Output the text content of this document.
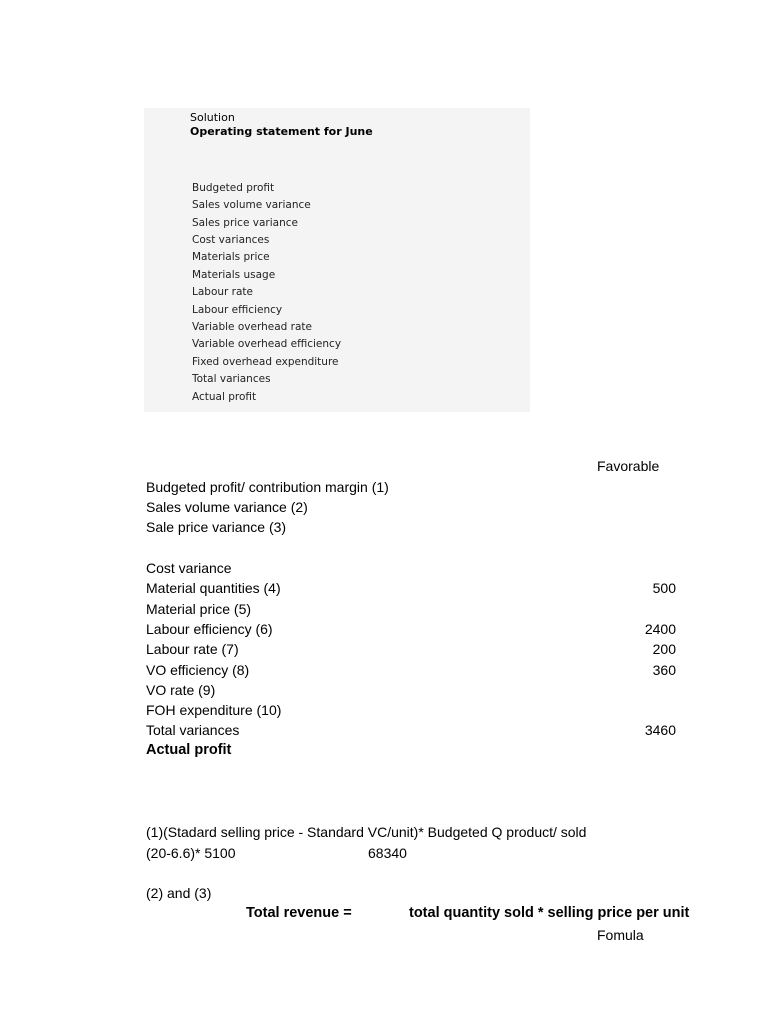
Solution
Operating statement for June
Budgeted profit
Sales volume variance
Sales price variance
Cost variances
Materials price
Materials usage
Labour rate
Labour efficiency
Variable overhead rate
Variable overhead efficiency
Fixed overhead expenditure
Total variances
Actual profit
Favorable
Budgeted profit/ contribution margin (1)
Sales volume variance (2)
Sale price variance (3)
Cost variance
Material quantities (4)	500
Material price (5)
Labour efficiency (6)	2400
Labour rate (7)	200
VO efficiency (8)	360
VO rate (9)
FOH expenditure (10)
Total variances	3460
Actual profit
(1)(Stadard selling price - Standard VC/unit)* Budgeted Q product/ sold
(20-6.6)* 5100	68340
(2) and (3)
Total revenue =	total quantity sold * selling price per unit
Fomula
